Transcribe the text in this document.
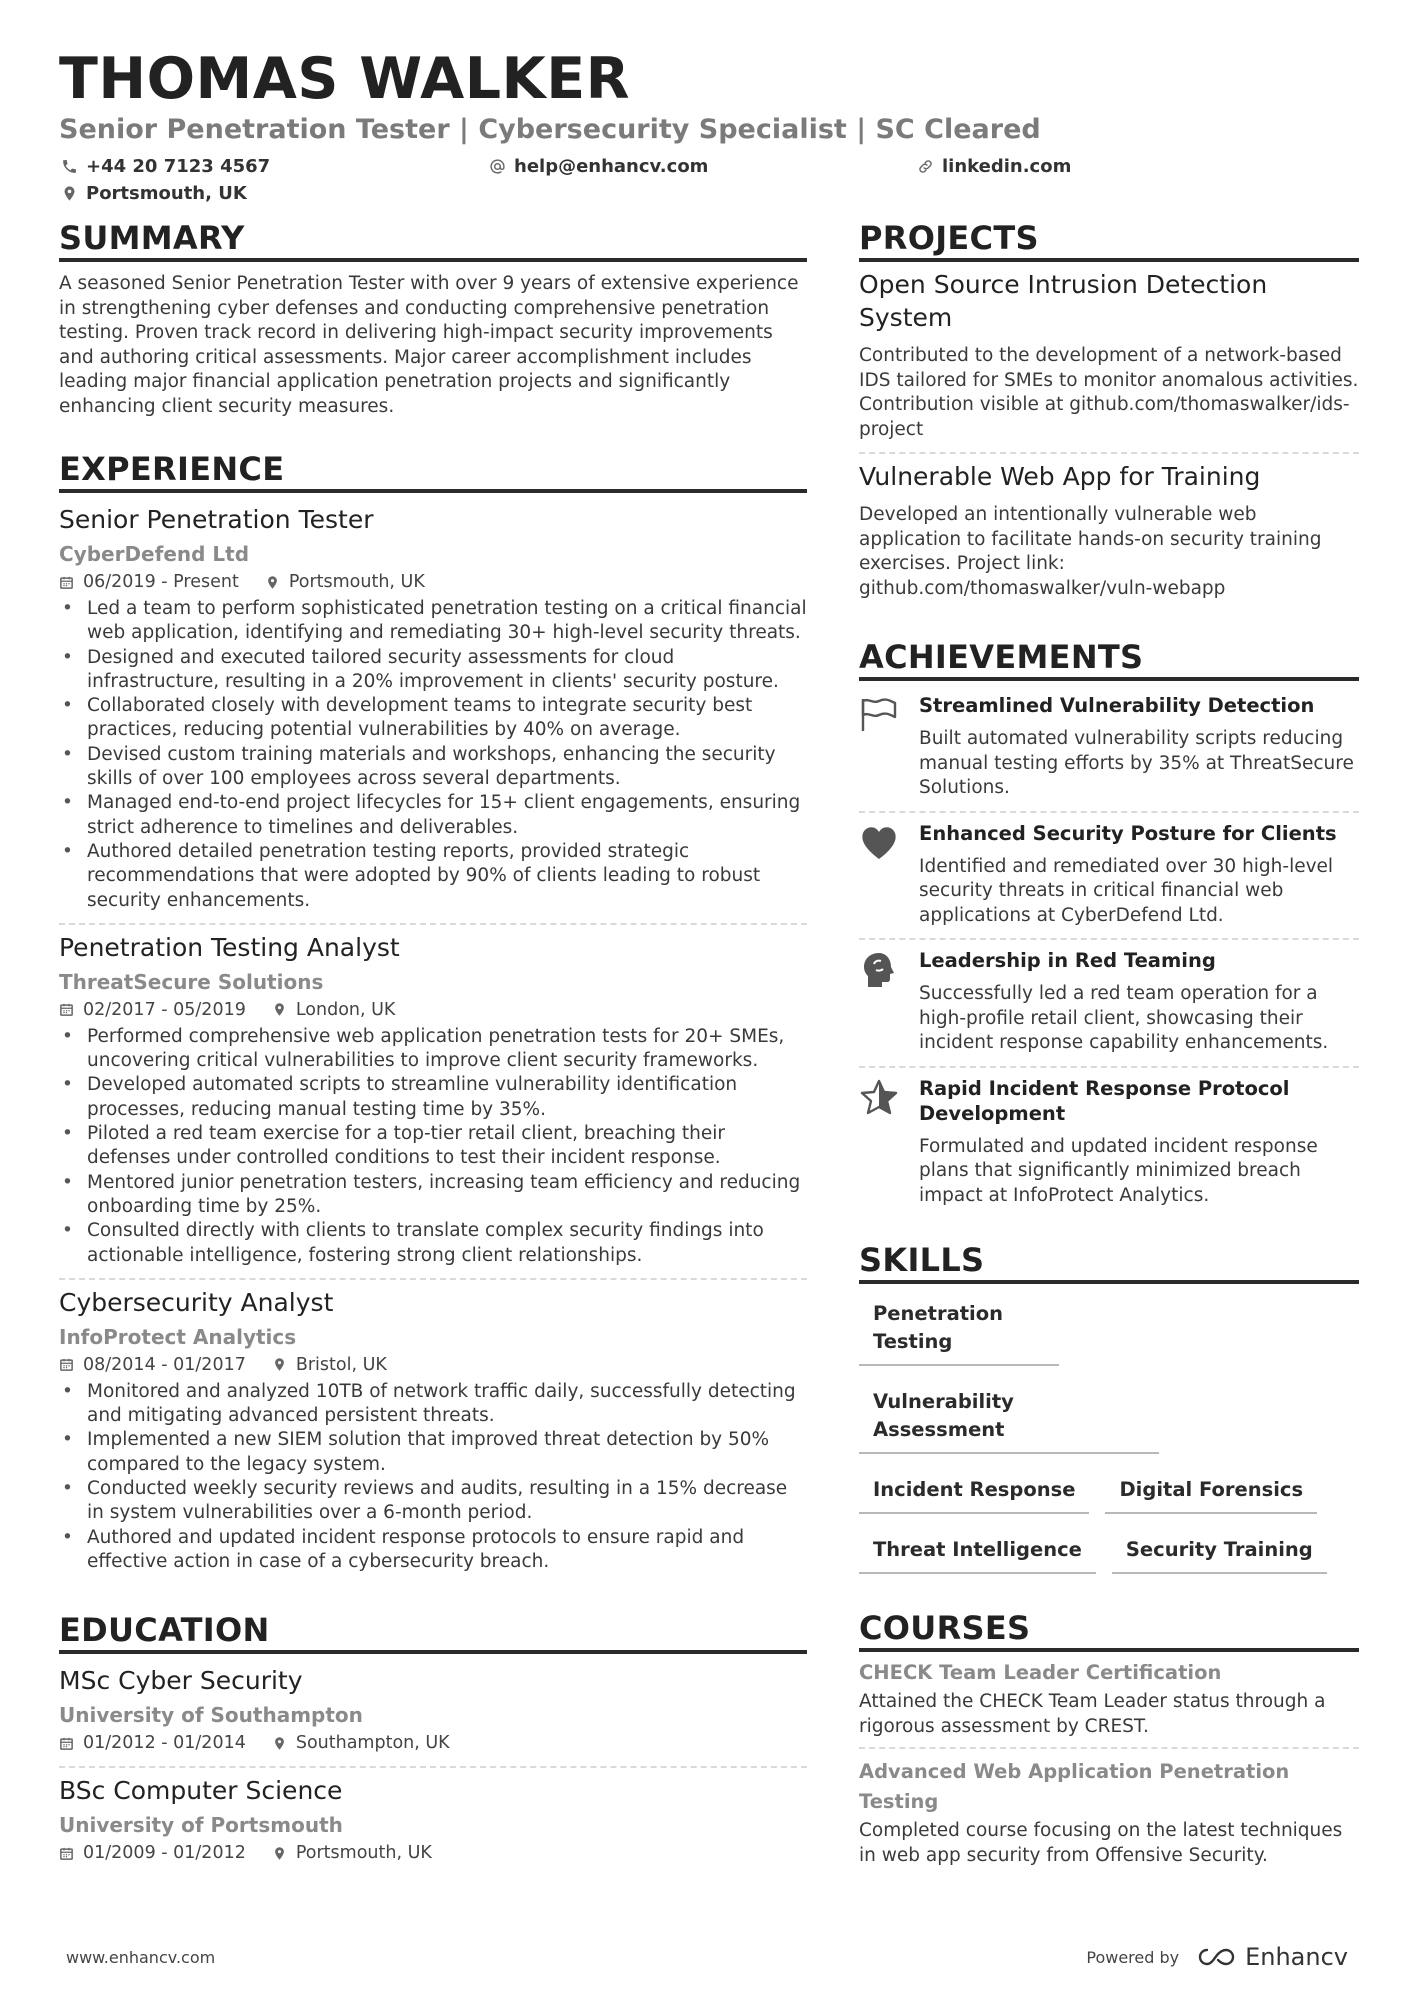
THOMAS WALKER
Senior Penetration Tester | Cybersecurity Specialist | SC Cleared
+44 20 7123 4567	help@enhancv.com	linkedin.com
Portsmouth, UK
SUMMARY
A seasoned Senior Penetration Tester with over 9 years of extensive experience in strengthening cyber defenses and conducting comprehensive penetration testing. Proven track record in delivering high-impact security improvements and authoring critical assessments. Major career accomplishment includes leading major financial application penetration projects and significantly enhancing client security measures.
EXPERIENCE
Senior Penetration Tester
CyberDefend Ltd
06/2019 - Present	Portsmouth, UK
• Led a team to perform sophisticated penetration testing on a critical financial web application, identifying and remediating 30+ high-level security threats.
• Designed and executed tailored security assessments for cloud infrastructure, resulting in a 20% improvement in clients' security posture.
• Collaborated closely with development teams to integrate security best practices, reducing potential vulnerabilities by 40% on average.
• Devised custom training materials and workshops, enhancing the security skills of over 100 employees across several departments.
• Managed end-to-end project lifecycles for 15+ client engagements, ensuring strict adherence to timelines and deliverables.
• Authored detailed penetration testing reports, provided strategic recommendations that were adopted by 90% of clients leading to robust security enhancements.
Penetration Testing Analyst
ThreatSecure Solutions
02/2017 - 05/2019	London, UK
• Performed comprehensive web application penetration tests for 20+ SMEs, uncovering critical vulnerabilities to improve client security frameworks.
• Developed automated scripts to streamline vulnerability identification processes, reducing manual testing time by 35%.
• Piloted a red team exercise for a top-tier retail client, breaching their defenses under controlled conditions to test their incident response.
• Mentored junior penetration testers, increasing team efficiency and reducing onboarding time by 25%.
• Consulted directly with clients to translate complex security findings into actionable intelligence, fostering strong client relationships.
Cybersecurity Analyst
InfoProtect Analytics
08/2014 - 01/2017	Bristol, UK
• Monitored and analyzed 10TB of network traffic daily, successfully detecting and mitigating advanced persistent threats.
• Implemented a new SIEM solution that improved threat detection by 50% compared to the legacy system.
• Conducted weekly security reviews and audits, resulting in a 15% decrease in system vulnerabilities over a 6-month period.
• Authored and updated incident response protocols to ensure rapid and effective action in case of a cybersecurity breach.
EDUCATION
MSc Cyber Security
University of Southampton
01/2012 - 01/2014	Southampton, UK
BSc Computer Science
University of Portsmouth
01/2009 - 01/2012	Portsmouth, UK
PROJECTS
Open Source Intrusion Detection System
Contributed to the development of a network-based IDS tailored for SMEs to monitor anomalous activities. Contribution visible at github.com/thomaswalker/ids-project
Vulnerable Web App for Training
Developed an intentionally vulnerable web application to facilitate hands-on security training exercises. Project link: github.com/thomaswalker/vuln-webapp
ACHIEVEMENTS
Streamlined Vulnerability Detection
Built automated vulnerability scripts reducing manual testing efforts by 35% at ThreatSecure Solutions.
Enhanced Security Posture for Clients
Identified and remediated over 30 high-level security threats in critical financial web applications at CyberDefend Ltd.
Leadership in Red Teaming
Successfully led a red team operation for a high-profile retail client, showcasing their incident response capability enhancements.
Rapid Incident Response Protocol Development
Formulated and updated incident response plans that significantly minimized breach impact at InfoProtect Analytics.
SKILLS
Penetration Testing
Vulnerability Assessment
Incident Response	Digital Forensics
Threat Intelligence	Security Training
COURSES
CHECK Team Leader Certification
Attained the CHECK Team Leader status through a rigorous assessment by CREST.
Advanced Web Application Penetration Testing
Completed course focusing on the latest techniques in web app security from Offensive Security.
www.enhancv.com	Powered by	Enhancv
